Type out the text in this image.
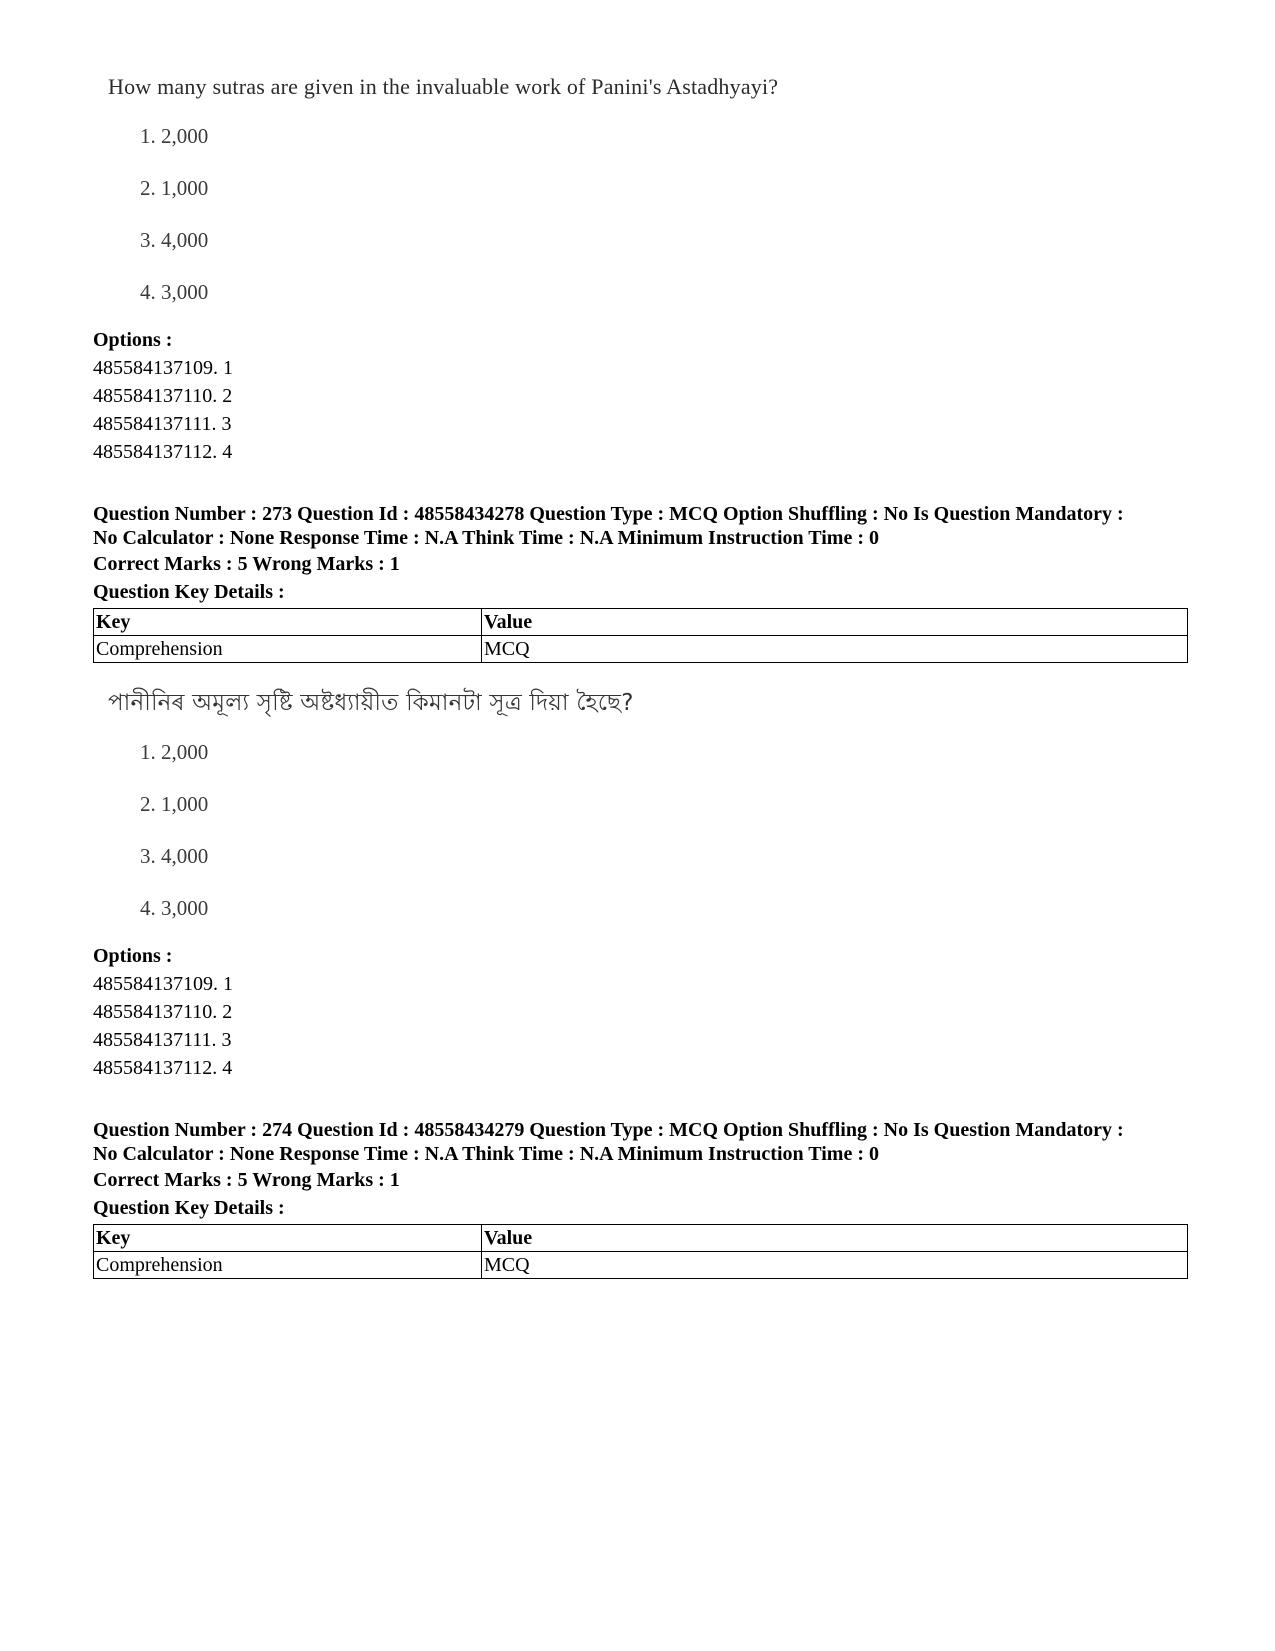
How many sutras are given in the invaluable work of Panini's Astadhyayi?
1. 2,000
2. 1,000
3. 4,000
4. 3,000
Options :
485584137109. 1
485584137110. 2
485584137111. 3
485584137112. 4
Question Number : 273 Question Id : 48558434278 Question Type : MCQ Option Shuffling : No Is Question Mandatory :
No Calculator : None Response Time : N.A Think Time : N.A Minimum Instruction Time : 0
Correct Marks : 5 Wrong Marks : 1
Question Key Details :
Key	Value
Comprehension	MCQ
পানীনিৰ অমূল্য সৃষ্টি অষ্টধ্যায়ীত কিমানটা সূত্ৰ দিয়া হৈছে?
1. 2,000
2. 1,000
3. 4,000
4. 3,000
Options :
485584137109. 1
485584137110. 2
485584137111. 3
485584137112. 4
Question Number : 274 Question Id : 48558434279 Question Type : MCQ Option Shuffling : No Is Question Mandatory :
No Calculator : None Response Time : N.A Think Time : N.A Minimum Instruction Time : 0
Correct Marks : 5 Wrong Marks : 1
Question Key Details :
Key	Value
Comprehension	MCQ
